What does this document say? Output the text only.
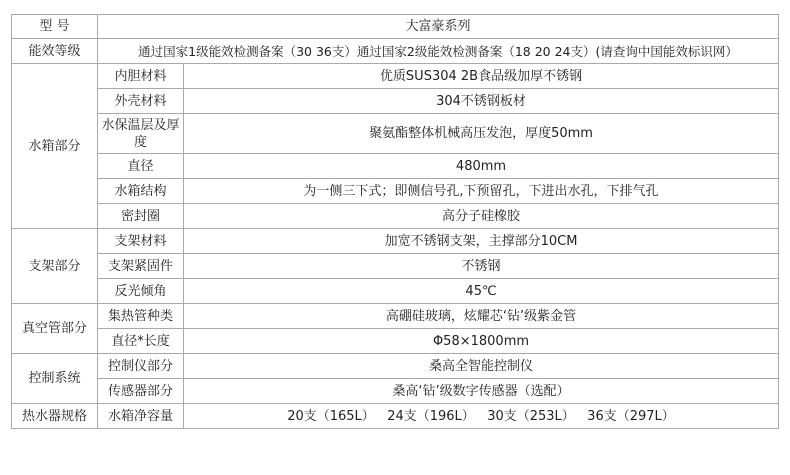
型 号	大富豪系列	
能效等级	通过国家1级能效检测备案（30 36支）通过国家2级能效检测备案（18 20 24支）(请查询中国能效标识网）	
水箱部分	内胆材料	优质SUS304 2B食品级加厚不锈钢
	外壳材料	304不锈钢板材
	水保温层及厚度	聚氨酯整体机械高压发泡，厚度50mm
	直径	480mm
	水箱结构	为一侧三下式；即侧信号孔,下预留孔，下进出水孔，下排气孔
	密封圈	高分子硅橡胶
支架部分	支架材料	加宽不锈钢支架，主撑部分10CM
	支架紧固件	不锈钢
	反光倾角	45℃
真空管部分	集热管种类	高硼硅玻璃，炫耀芯‘钻’级紫金管
	直径*长度	Φ58×1800mm
控制系统	控制仪部分	桑高全智能控制仪
	传感器部分	桑高‘钻’级数字传感器（选配）
热水器规格	水箱净容量	20支（165L）   24支（196L）   30支（253L）   36支（297L）
